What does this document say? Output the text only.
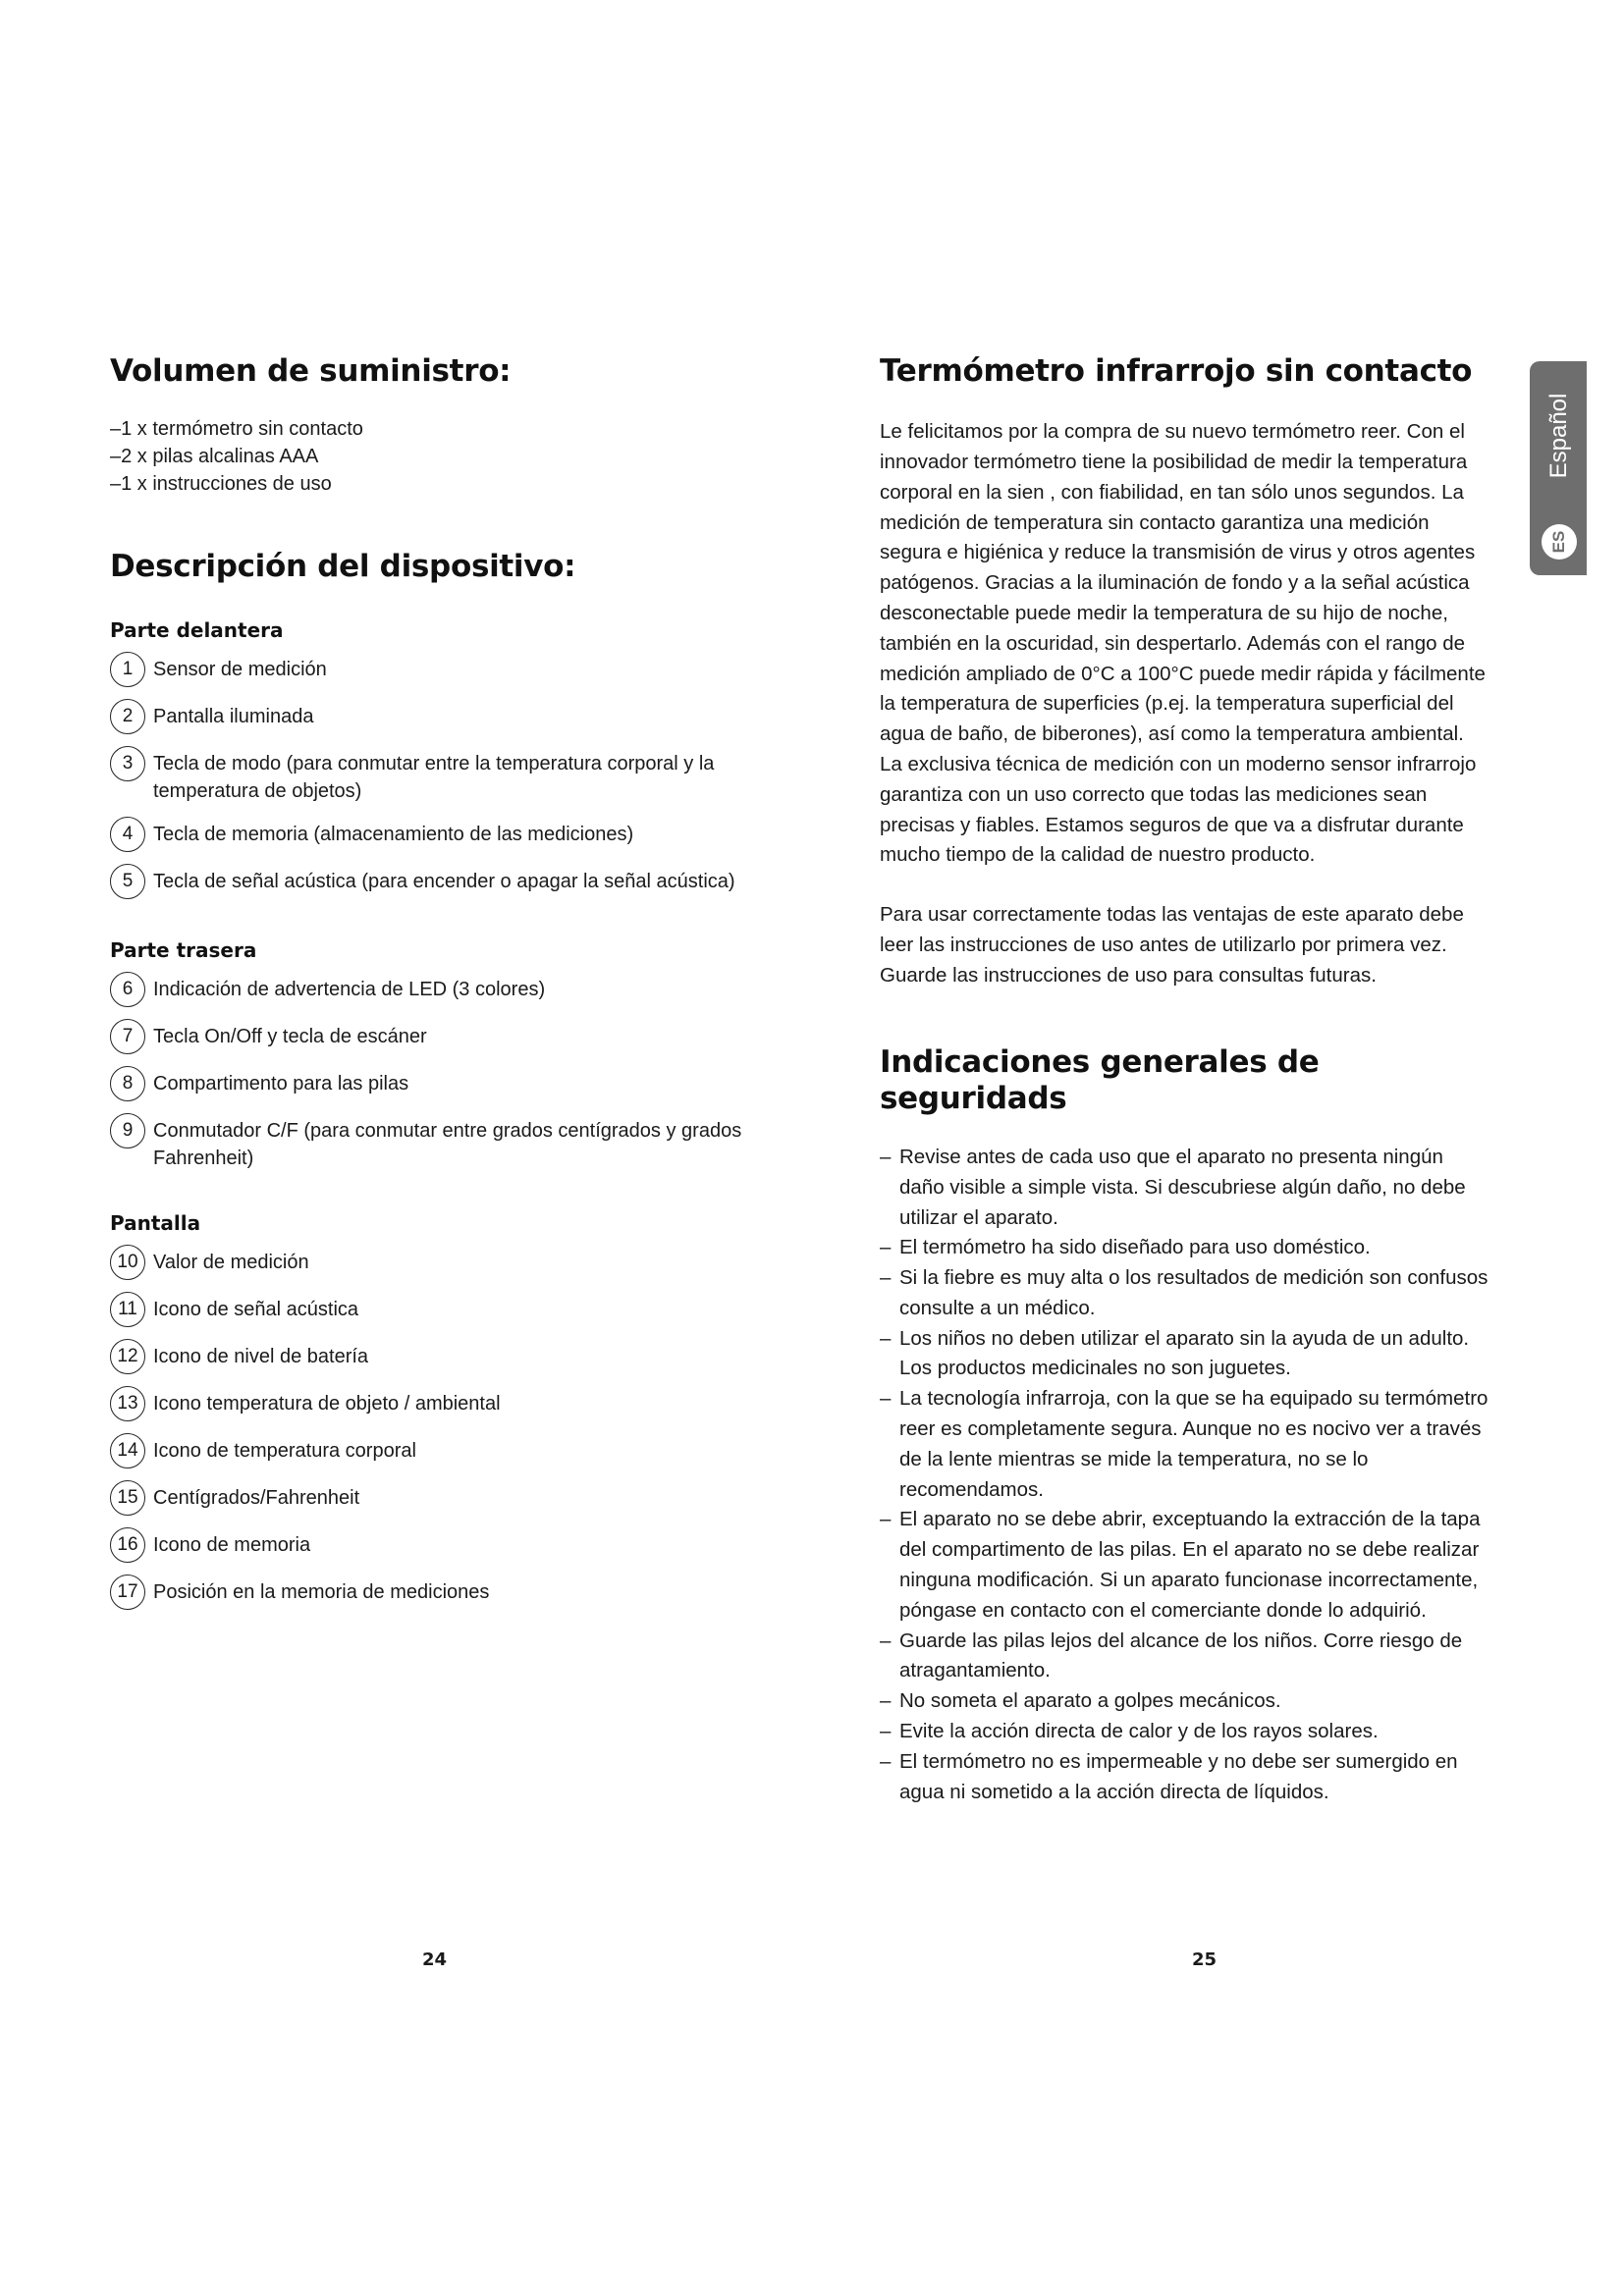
Volumen de suministro:
– 1 x termómetro sin contacto
– 2 x pilas alcalinas AAA
– 1 x instrucciones de uso
Descripción del dispositivo:
Parte delantera
1	Sensor de medición
2	Pantalla iluminada
3	Tecla de modo (para conmutar entre la temperatura corporal y la temperatura de objetos)
4	Tecla de memoria (almacenamiento de las mediciones)
5	Tecla de señal acústica (para encender o apagar la señal acústica)
Parte trasera
6	Indicación de advertencia de LED (3 colores)
7	Tecla On/Off y tecla de escáner
8	Compartimento para las pilas
9	Conmutador C/F (para conmutar entre grados centígrados y grados Fahrenheit)
Pantalla
10 Valor de medición
11 Icono de señal acústica
12 Icono de nivel de batería
13 Icono temperatura de objeto / ambiental
14 Icono de temperatura corporal
15 Centígrados/Fahrenheit
16 Icono de memoria
17 Posición en la memoria de mediciones
Termómetro infrarrojo sin contacto

Le felicitamos por la compra de su nuevo termómetro reer. Con el innovador termómetro tiene la posibilidad de medir la temperatura corporal en la sien , con fiabilidad, en tan sólo unos segundos. La medición de temperatura sin contacto garantiza una medición segura e higiénica y reduce la transmisión de virus y otros agentes patógenos. Gracias a la iluminación de fondo y a la señal acústica desconectable puede medir la temperatura de su hijo de noche, también en la oscuridad, sin despertarlo. Además con el rango de medición ampliado de 0°C a 100°C puede medir rápida y fácilmente la temperatura de superficies (p.ej. la temperatura superficial del agua de baño, de biberones), así como la temperatura ambiental. La exclusiva técnica de medición con un moderno sensor infrarrojo garantiza con un uso correcto que todas las mediciones sean precisas y fiables. Estamos seguros de que va a disfrutar durante mucho tiempo de la calidad de nuestro producto.

Para usar correctamente todas las ventajas de este aparato debe leer las instrucciones de uso antes de utilizarlo por primera vez. Guarde las instrucciones de uso para consultas futuras.

Indicaciones generales de seguridads
– Revise antes de cada uso que el aparato no presenta ningún daño visible a simple vista. Si descubriese algún daño, no debe utilizar el aparato.
– El termómetro ha sido diseñado para uso doméstico.
– Si la fiebre es muy alta o los resultados de medición son confusos consulte a un médico.
– Los niños no deben utilizar el aparato sin la ayuda de un adulto. Los productos medicinales no son juguetes.
– La tecnología infrarroja, con la que se ha equipado su termómetro reer es completamente segura. Aunque no es nocivo ver a través de la lente mientras se mide la temperatura, no se lo recomendamos.
– El aparato no se debe abrir, exceptuando la extracción de la tapa del compartimento de las pilas. En el aparato no se debe realizar ninguna modificación. Si un aparato funcionase incorrectamente, póngase en contacto con el comerciante donde lo adquirió.
– Guarde las pilas lejos del alcance de los niños. Corre riesgo de atragantamiento.
– No someta el aparato a golpes mecánicos.
– Evite la acción directa de calor y de los rayos solares.
– El termómetro no es impermeable y no debe ser sumergido en agua ni sometido a la acción directa de líquidos.
24	25
Español
ES
